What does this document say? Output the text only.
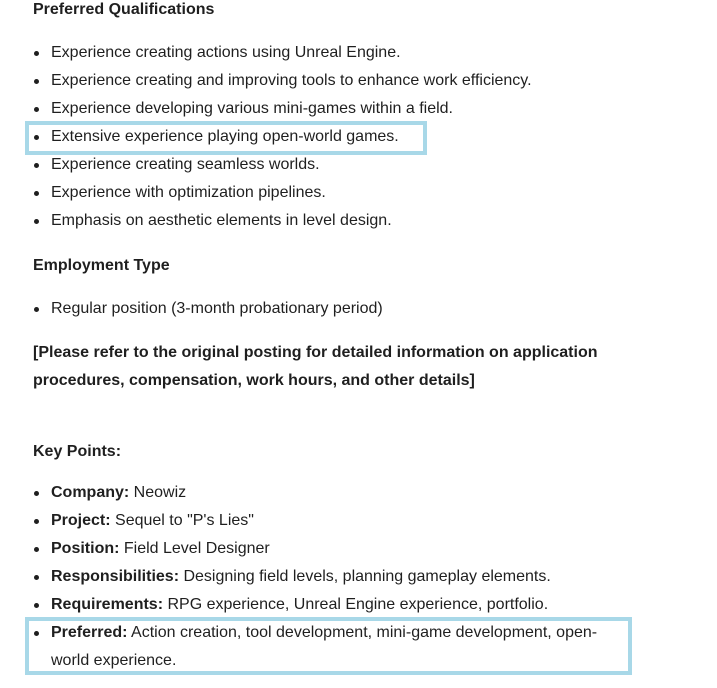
Preferred Qualifications

Experience creating actions using Unreal Engine.
Experience creating and improving tools to enhance work efficiency.
Experience developing various mini-games within a field.
Extensive experience playing open-world games.
Experience creating seamless worlds.
Experience with optimization pipelines.
Emphasis on aesthetic elements in level design.

Employment Type

Regular position (3-month probationary period)

[Please refer to the original posting for detailed information on application procedures, compensation, work hours, and other details]

Key Points:

Company: Neowiz
Project: Sequel to "P's Lies"
Position: Field Level Designer
Responsibilities: Designing field levels, planning gameplay elements.
Requirements: RPG experience, Unreal Engine experience, portfolio.
Preferred: Action creation, tool development, mini-game development, open-world experience.
